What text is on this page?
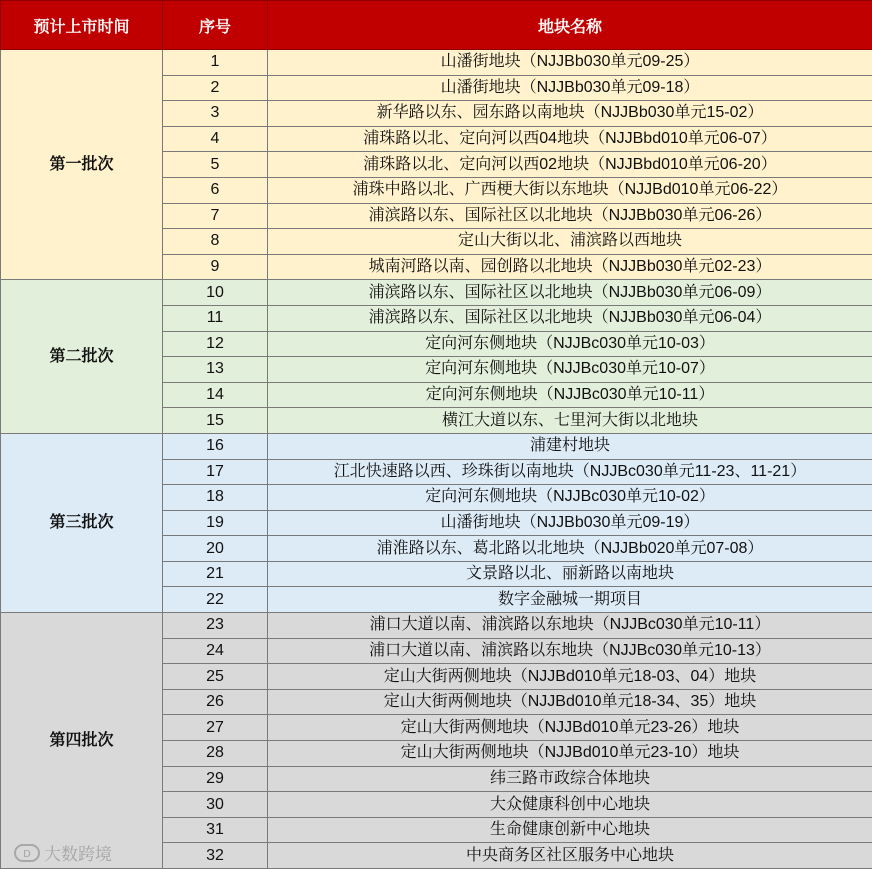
预计上市时间	序号	地块名称
第一批次	1	山潘街地块（NJJBb030单元09-25）
	2	山潘街地块（NJJBb030单元09-18）
	3	新华路以东、园东路以南地块（NJJBb030单元15-02）
	4	浦珠路以北、定向河以西04地块（NJJBbd010单元06-07）
	5	浦珠路以北、定向河以西02地块（NJJBbd010单元06-20）
	6	浦珠中路以北、广西梗大街以东地块（NJJBd010单元06-22）
	7	浦滨路以东、国际社区以北地块（NJJBb030单元06-26）
	8	定山大街以北、浦滨路以西地块
	9	城南河路以南、园创路以北地块（NJJBb030单元02-23）
第二批次	10	浦滨路以东、国际社区以北地块（NJJBb030单元06-09）
	11	浦滨路以东、国际社区以北地块（NJJBb030单元06-04）
	12	定向河东侧地块（NJJBc030单元10-03）
	13	定向河东侧地块（NJJBc030单元10-07）
	14	定向河东侧地块（NJJBc030单元10-11）
	15	横江大道以东、七里河大街以北地块
第三批次	16	浦建村地块
	17	江北快速路以西、珍珠街以南地块（NJJBc030单元11-23、11-21）
	18	定向河东侧地块（NJJBc030单元10-02）
	19	山潘街地块（NJJBb030单元09-19）
	20	浦淮路以东、葛北路以北地块（NJJBb020单元07-08）
	21	文景路以北、丽新路以南地块
	22	数字金融城一期项目
第四批次	23	浦口大道以南、浦滨路以东地块（NJJBc030单元10-11）
	24	浦口大道以南、浦滨路以东地块（NJJBc030单元10-13）
	25	定山大街两侧地块（NJJBd010单元18-03、04）地块
	26	定山大街两侧地块（NJJBd010单元18-34、35）地块
	27	定山大街两侧地块（NJJBd010单元23-26）地块
	28	定山大街两侧地块（NJJBd010单元23-10）地块
	29	纬三路市政综合体地块
	30	大众健康科创中心地块
	31	生命健康创新中心地块
	32	中央商务区社区服务中心地块
D 大数跨境
